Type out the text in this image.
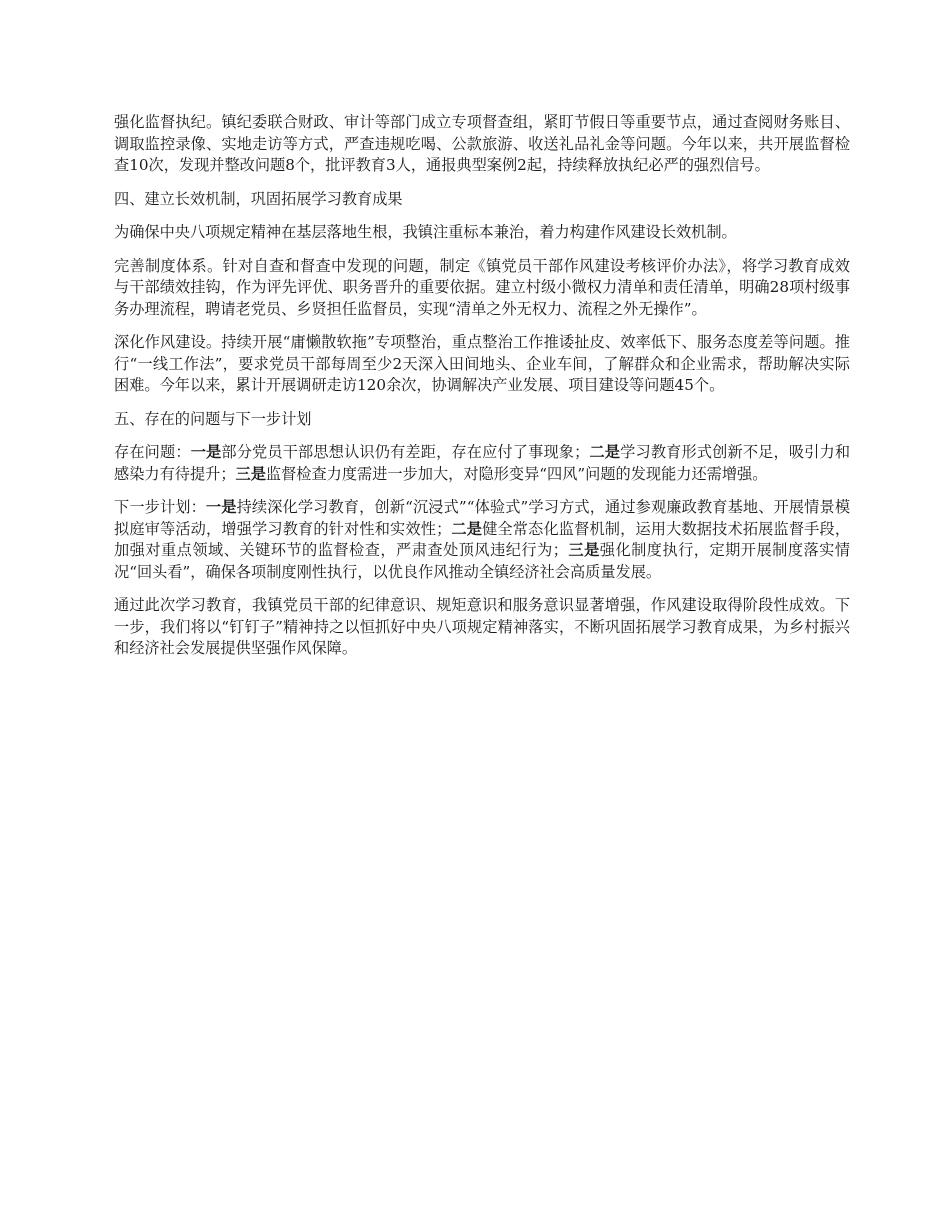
强化监督执纪。镇纪委联合财政、审计等部门成立专项督查组，紧盯节假日等重要节点，通过查阅财务账目、调取监控录像、实地走访等方式，严查违规吃喝、公款旅游、收送礼品礼金等问题。今年以来，共开展监督检查10次，发现并整改问题8个，批评教育3人，通报典型案例2起，持续释放执纪必严的强烈信号。

四、建立长效机制，巩固拓展学习教育成果

为确保中央八项规定精神在基层落地生根，我镇注重标本兼治，着力构建作风建设长效机制。

完善制度体系。针对自查和督查中发现的问题，制定《镇党员干部作风建设考核评价办法》，将学习教育成效与干部绩效挂钩，作为评先评优、职务晋升的重要依据。建立村级小微权力清单和责任清单，明确28项村级事务办理流程，聘请老党员、乡贤担任监督员，实现“清单之外无权力、流程之外无操作”。

深化作风建设。持续开展“庸懒散软拖”专项整治，重点整治工作推诿扯皮、效率低下、服务态度差等问题。推行“一线工作法”，要求党员干部每周至少2天深入田间地头、企业车间，了解群众和企业需求，帮助解决实际困难。今年以来，累计开展调研走访120余次，协调解决产业发展、项目建设等问题45个。

五、存在的问题与下一步计划

存在问题：一是部分党员干部思想认识仍有差距，存在应付了事现象；二是学习教育形式创新不足，吸引力和感染力有待提升；三是监督检查力度需进一步加大，对隐形变异“四风”问题的发现能力还需增强。

下一步计划：一是持续深化学习教育，创新“沉浸式”“体验式”学习方式，通过参观廉政教育基地、开展情景模拟庭审等活动，增强学习教育的针对性和实效性；二是健全常态化监督机制，运用大数据技术拓展监督手段，加强对重点领域、关键环节的监督检查，严肃查处顶风违纪行为；三是强化制度执行，定期开展制度落实情况“回头看”，确保各项制度刚性执行，以优良作风推动全镇经济社会高质量发展。

通过此次学习教育，我镇党员干部的纪律意识、规矩意识和服务意识显著增强，作风建设取得阶段性成效。下一步，我们将以“钉钉子”精神持之以恒抓好中央八项规定精神落实，不断巩固拓展学习教育成果，为乡村振兴和经济社会发展提供坚强作风保障。
